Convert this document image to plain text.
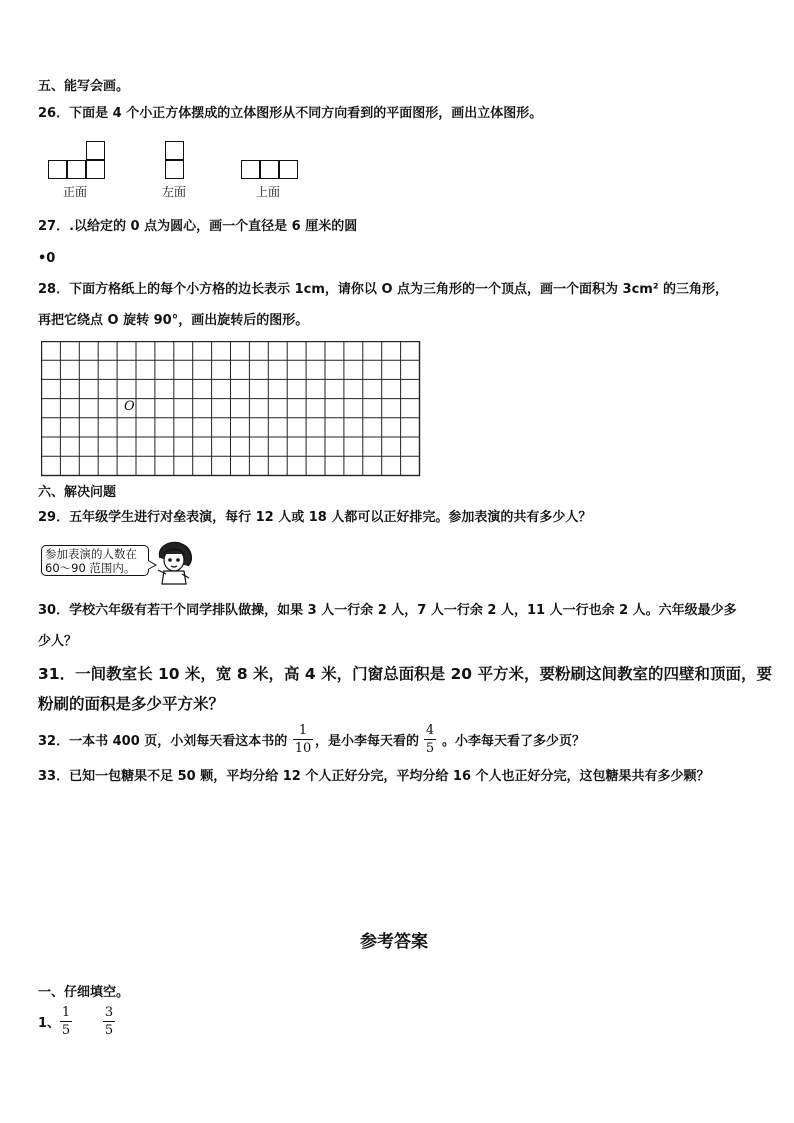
五、能写会画。
26．下面是 4 个小正方体摆成的立体图形从不同方向看到的平面图形，画出立体图形。
正面	左面	上面
27．.以给定的 0 点为圆心，画一个直径是 6 厘米的圆
•0
28．下面方格纸上的每个小方格的边长表示 1cm，请你以 O 点为三角形的一个顶点，画一个面积为 3cm² 的三角形，
再把它绕点 O 旋转 90°，画出旋转后的图形。
O
六、解决问题
29．五年级学生进行对垒表演，每行 12 人或 18 人都可以正好排完。参加表演的共有多少人？
参加表演的人数在
60～90 范围内。
30．学校六年级有若干个同学排队做操，如果 3 人一行余 2 人，7 人一行余 2 人，11 人一行也余 2 人。六年级最少多
少人？
31．一间教室长 10 米，宽 8 米，高 4 米，门窗总面积是 20 平方米，要粉刷这间教室的四壁和顶面，要
粉刷的面积是多少平方米？
32．一本书 400 页，小刘每天看这本书的
1
10 ，是小李每天看的
4
5 。小李每天看了多少页？
33．已知一包糖果不足 50 颗，平均分给 12 个人正好分完，平均分给 16 个人也正好分完，这包糖果共有多少颗？
参考答案
一、仔细填空。
1、
1
5
3
5
